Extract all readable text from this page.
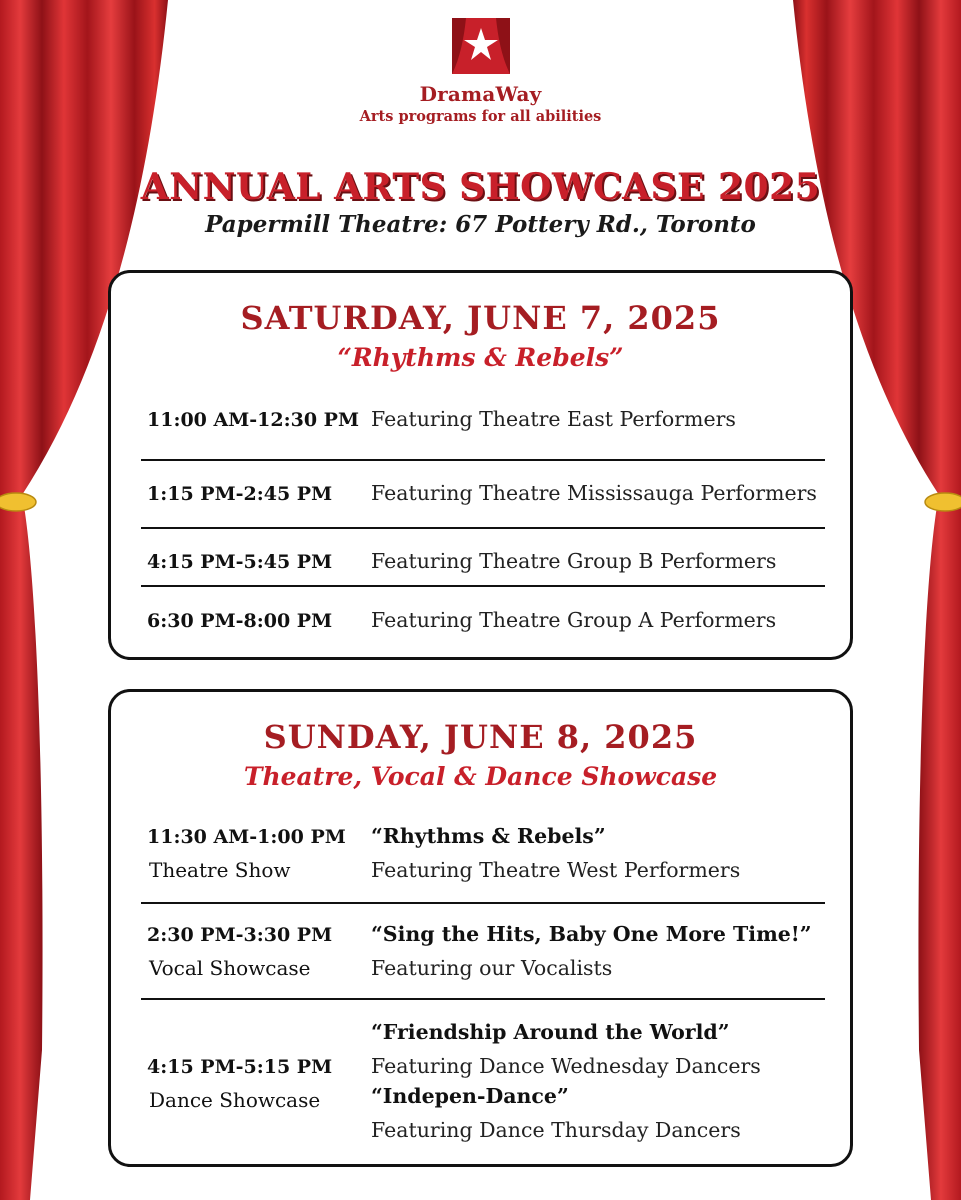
DramaWay
Arts programs for all abilities
ANNUAL ARTS SHOWCASE 2025
Papermill Theatre: 67 Pottery Rd., Toronto
SATURDAY, JUNE 7, 2025
“Rhythms & Rebels”
11:00 AM-12:30 PM Featuring Theatre East Performers
1:15 PM-2:45 PM Featuring Theatre Mississauga Performers
4:15 PM-5:45 PM Featuring Theatre Group B Performers
6:30 PM-8:00 PM Featuring Theatre Group A Performers
SUNDAY, JUNE 8, 2025
Theatre, Vocal & Dance Showcase
11:30 AM-1:00 PM
Theatre Show
“Rhythms & Rebels”
Featuring Theatre West Performers
2:30 PM-3:30 PM
Vocal Showcase
“Sing the Hits, Baby One More Time!”
Featuring our Vocalists
4:15 PM-5:15 PM
Dance Showcase
“Friendship Around the World”
Featuring Dance Wednesday Dancers
“Indepen-Dance”
Featuring Dance Thursday Dancers
